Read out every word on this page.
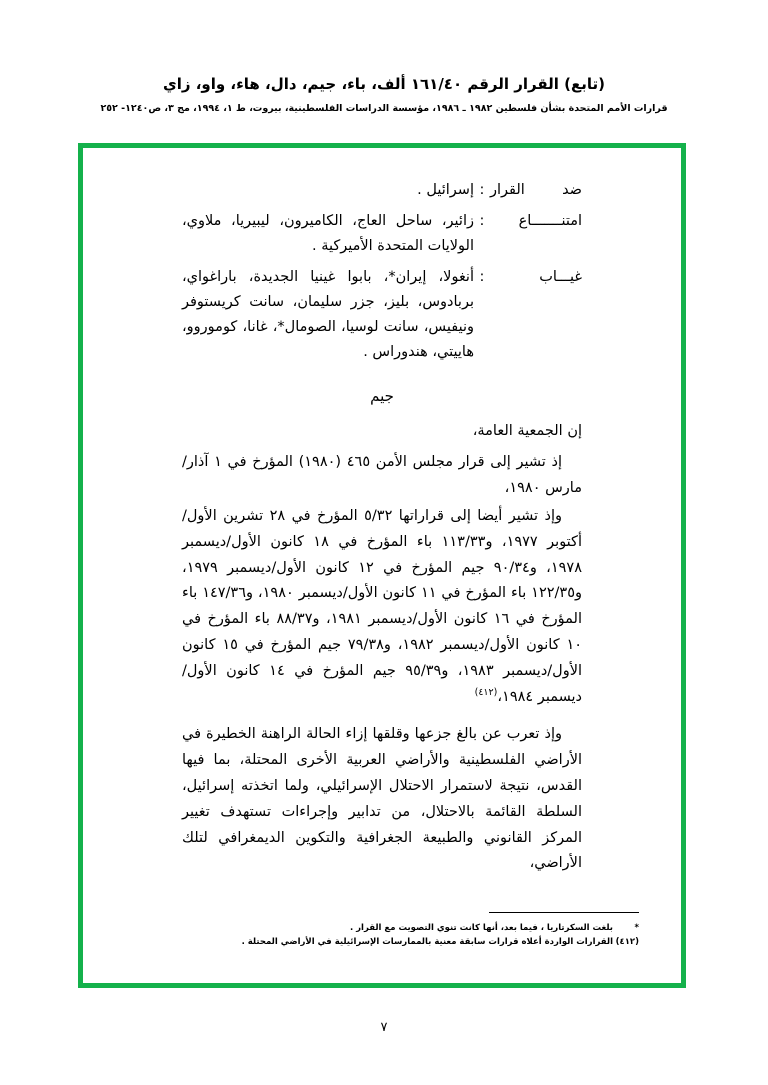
(تابع) القرار الرقم ١٦١/٤٠ ألف، باء، جيم، دال، هاء، واو، زاي
قرارات الأمم المتحدة بشأن فلسطين ١٩٨٢ ـ ١٩٨٦، مؤسسة الدراسات الفلسطينية، بيروت، ط ١، ١٩٩٤، مج ٣، ص١٢٤٠- ٢٥٢
ضد القرار
:
إسرائيل .
امتنـــــــاع
:
زائير، ساحل العاج، الكاميرون، ليبيريا، ملاوي، الولايات المتحدة الأميركية .
غيـــاب
:
أنغولا، إيران*، بابوا غينيا الجديدة، باراغواي، بربادوس، بليز، جزر سليمان، سانت كريستوفر ونيفيس، سانت لوسيا، الصومال*، غانا، كوموروو، هاييتي، هندوراس .
جيم

إن الجمعية العامة،

إذ تشير إلى قرار مجلس الأمن ٤٦٥ (١٩٨٠) المؤرخ في ١ آذار/مارس ١٩٨٠،

وإذ تشير أيضا إلى قراراتها ٥/٣٢ المؤرخ في ٢٨ تشرين الأول/أكتوبر ١٩٧٧، و١١٣/٣٣ باء المؤرخ في ١٨ كانون الأول/ديسمبر ١٩٧٨، و٩٠/٣٤ جيم المؤرخ في ١٢ كانون الأول/ديسمبر ١٩٧٩، و١٢٢/٣٥ باء المؤرخ في ١١ كانون الأول/ديسمبر ١٩٨٠، و١٤٧/٣٦ باء المؤرخ في ١٦ كانون الأول/ديسمبر ١٩٨١، و٨٨/٣٧ باء المؤرخ في ١٠ كانون الأول/ديسمبر ١٩٨٢، و٧٩/٣٨ جيم المؤرخ في ١٥ كانون الأول/ديسمبر ١٩٨٣، و٩٥/٣٩ جيم المؤرخ في ١٤ كانون الأول/ديسمبر ١٩٨٤،$^{(٤١٢)}$

وإذ تعرب عن بالغ جزعها وقلقها إزاء الحالة الراهنة الخطيرة في الأراضي الفلسطينية والأراضي العربية الأخرى المحتلة، بما فيها القدس، نتيجة لاستمرار الاحتلال الإسرائيلي، ولما اتخذته إسرائيل، السلطة القائمة بالاحتلال، من تدابير وإجراءات تستهدف تغيير المركز القانوني والطبيعة الجغرافية والتكوين الديمغرافي لتلك الأراضي،

*بلغت السكرتاريا ، فيما بعد، أنها كانت تنوي التصويت مع القرار .
(٤١٢)القرارات الواردة أعلاه قرارات سابقة معنية بالممارسات الإسرائيلية في الأراضي المحتلة .
٧
